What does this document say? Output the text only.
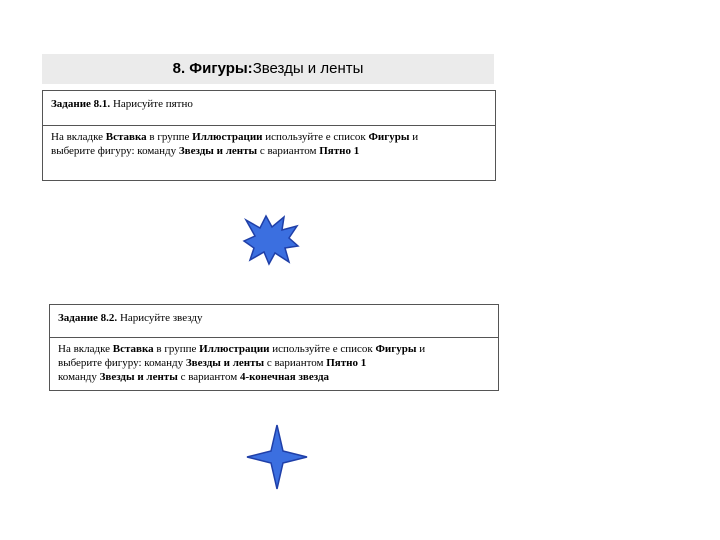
8. Фигуры:Звезды и ленты
Задание 8.1. Нарисуйте пятно
На вкладке Вставка в группе Иллюстрации используйте е список Фигуры и
выберите фигуру: команду Звезды и ленты с вариантом Пятно 1
Задание 8.2. Нарисуйте звезду
На вкладке Вставка в группе Иллюстрации используйте е список Фигуры и
выберите фигуру: команду Звезды и ленты с вариантом Пятно 1
команду Звезды и ленты с вариантом 4-конечная звезда
